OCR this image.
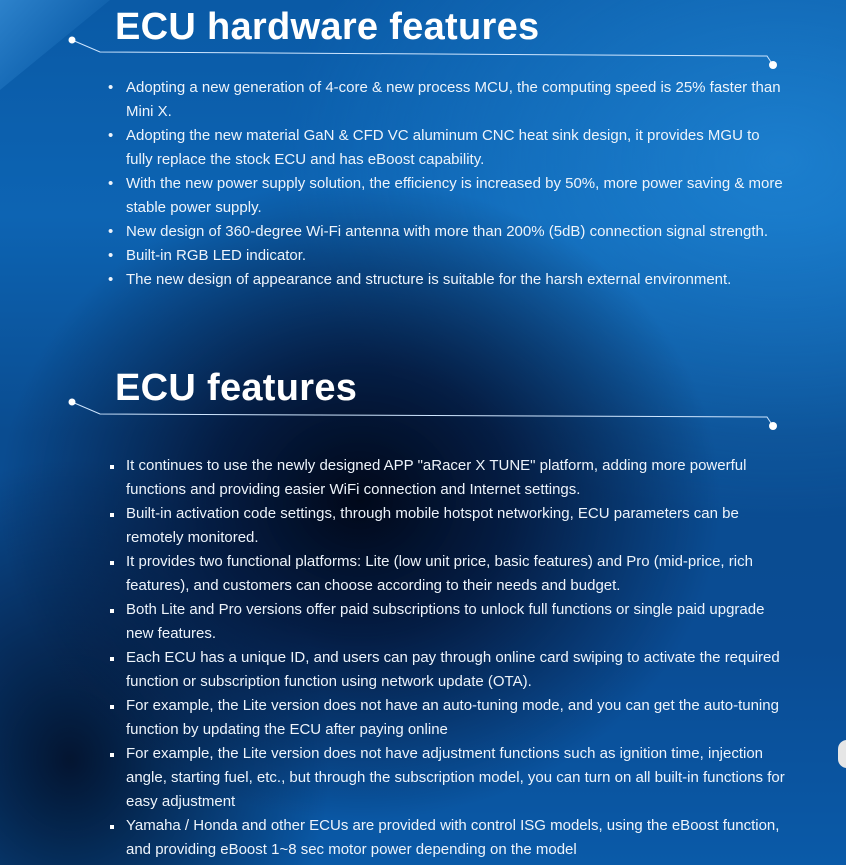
ECU hardware features
• Adopting a new generation of 4-core & new process MCU, the computing speed is 25% faster than Mini X.
• Adopting the new material GaN & CFD VC aluminum CNC heat sink design, it provides MGU to fully replace the stock ECU and has eBoost capability.
• With the new power supply solution, the efficiency is increased by 50%, more power saving & more stable power supply.
• New design of 360-degree Wi-Fi antenna with more than 200% (5dB) connection signal strength.
• Built-in RGB LED indicator.
• The new design of appearance and structure is suitable for the harsh external environment.
ECU features
It continues to use the newly designed APP "aRacer X TUNE" platform, adding more powerful functions and providing easier WiFi connection and Internet settings.
Built-in activation code settings, through mobile hotspot networking, ECU parameters can be remotely monitored.
It provides two functional platforms: Lite (low unit price, basic features) and Pro (mid-price, rich features), and customers can choose according to their needs and budget.
Both Lite and Pro versions offer paid subscriptions to unlock full functions or single paid upgrade new features.
Each ECU has a unique ID, and users can pay through online card swiping to activate the required function or subscription function using network update (OTA).
For example, the Lite version does not have an auto-tuning mode, and you can get the auto-tuning function by updating the ECU after paying online
For example, the Lite version does not have adjustment functions such as ignition time, injection angle, starting fuel, etc., but through the subscription model, you can turn on all built-in functions for easy adjustment
Yamaha / Honda and other ECUs are provided with control ISG models, using the eBoost function, and providing eBoost 1~8 sec motor power depending on the model
